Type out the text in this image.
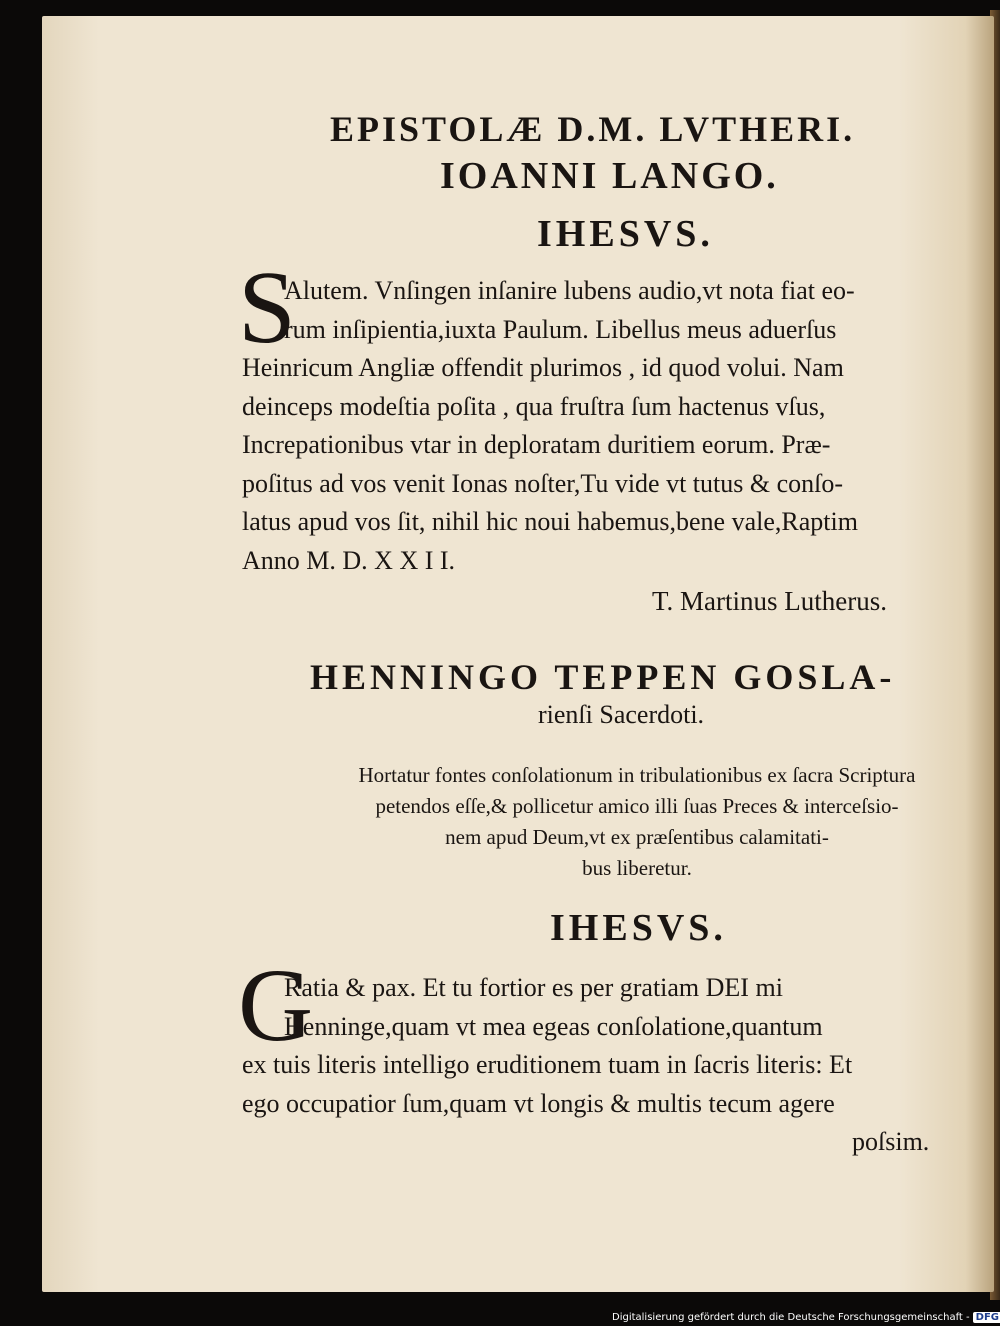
EPISTOLÆ D.M. LVTHERI.
IOANNI LANGO.
IHESVS.
S
Alutem. Vnſingen inſanire lubens audio,vt nota fiat eo-
rum inſipientia,iuxta Paulum. Libellus meus aduerſus
Heinricum Angliæ offendit plurimos , id quod volui. Nam
deinceps modeſtia poſita , qua fruſtra ſum hactenus vſus,
Increpationibus vtar in deploratam duritiem eorum. Præ-
poſitus ad vos venit Ionas noſter,Tu vide vt tutus & conſo-
latus apud vos ſit, nihil hic noui habemus,bene vale,Raptim
Anno M. D. X X I I.
T. Martinus Lutherus.
HENNINGO TEPPEN GOSLA-
rienſi Sacerdoti.
Hortatur fontes conſolationum in tribulationibus ex ſacra Scriptura
petendos eſſe,& pollicetur amico illi ſuas Preces & interceſsio-
nem apud Deum,vt ex præſentibus calamitati-
bus liberetur.
IHESVS.
G
Ratia & pax. Et tu fortior es per gratiam DEI mi
Henninge,quam vt mea egeas conſolatione,quantum
ex tuis literis intelligo eruditionem tuam in ſacris literis: Et
ego occupatior ſum,quam vt longis & multis tecum agere
poſsim.
Digitalisierung gefördert durch die Deutsche Forschungsgemeinschaft - DFG
